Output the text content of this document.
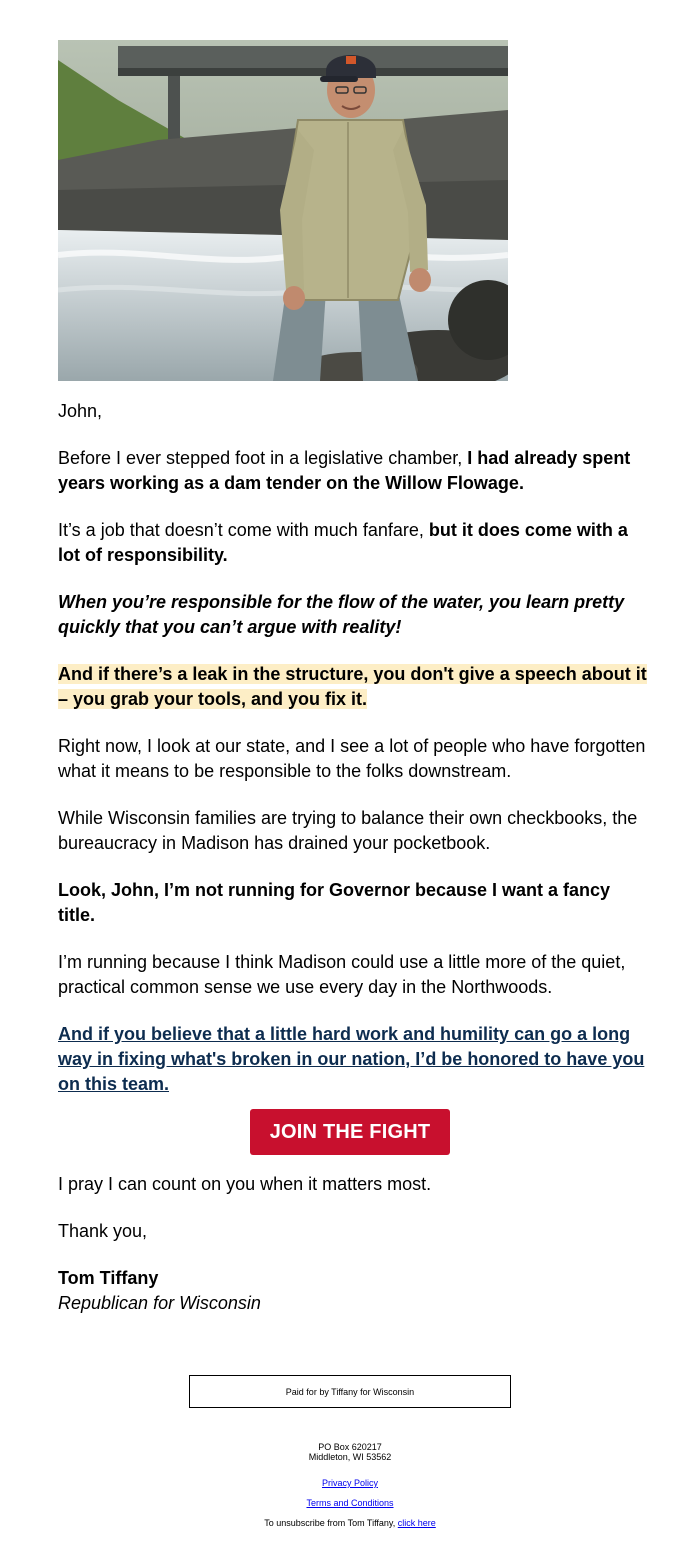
John,

Before I ever stepped foot in a legislative chamber, I had already spent years working as a dam tender on the Willow Flowage.

It’s a job that doesn’t come with much fanfare, but it does come with a lot of responsibility.

When you’re responsible for the flow of the water, you learn pretty quickly that you can’t argue with reality!

And if there’s a leak in the structure, you don't give a speech about it – you grab your tools, and you fix it.

Right now, I look at our state, and I see a lot of people who have forgotten what it means to be responsible to the folks downstream.

While Wisconsin families are trying to balance their own checkbooks, the bureaucracy in Madison has drained your pocketbook.

Look, John, I’m not running for Governor because I want a fancy title.

I’m running because I think Madison could use a little more of the quiet, practical common sense we use every day in the Northwoods.

And if you believe that a little hard work and humility can go a long way in fixing what's broken in our nation, I’d be honored to have you on this team.

JOIN THE FIGHT

I pray I can count on you when it matters most.

Thank you,

Tom Tiffany

Republican for Wisconsin

Paid for by Tiffany for Wisconsin
PO Box 620217
Middleton, WI 53562
Privacy Policy
Terms and Conditions
To unsubscribe from Tom Tiffany, click here
